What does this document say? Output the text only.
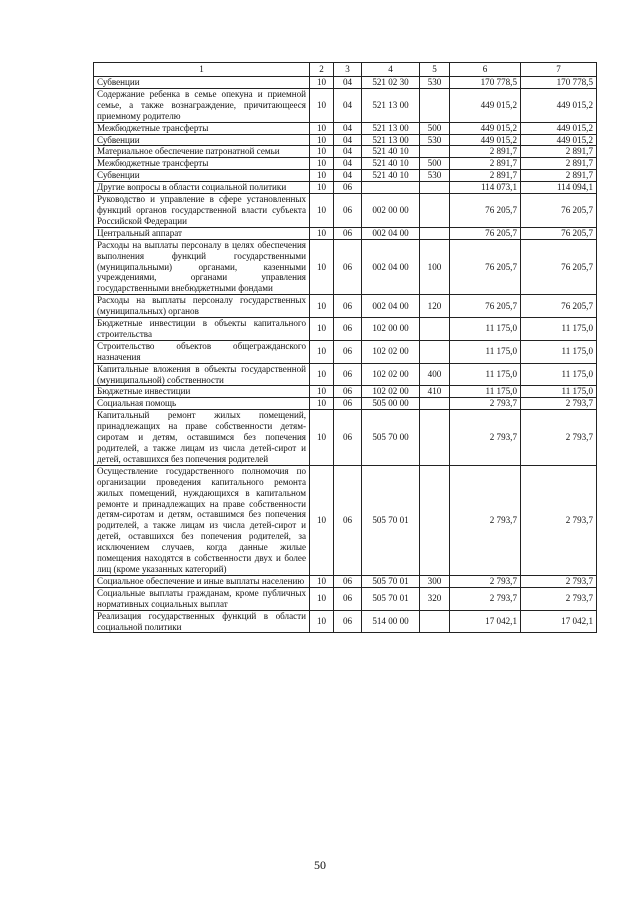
1	2	3	4	5	6	7
Субвенции	10	04	521 02 30	530	170 778,5	170 778,5
Содержание ребенка в семье опекуна и приемной семье, а также вознаграждение, причитающееся приемному родителю	10	04	521 13 00		449 015,2	449 015,2
Межбюджетные трансферты	10	04	521 13 00	500	449 015,2	449 015,2
Субвенции	10	04	521 13 00	530	449 015,2	449 015,2
Материальное обеспечение патронатной семьи	10	04	521 40 10		2 891,7	2 891,7
Межбюджетные трансферты	10	04	521 40 10	500	2 891,7	2 891,7
Субвенции	10	04	521 40 10	530	2 891,7	2 891,7
Другие вопросы в области социальной политики	10	06			114 073,1	114 094,1
Руководство и управление в сфере установленных функций органов государственной власти субъекта Российской Федерации	10	06	002 00 00		76 205,7	76 205,7
Центральный аппарат	10	06	002 04 00		76 205,7	76 205,7
Расходы на выплаты персоналу в целях обеспечения выполнения функций государственными (муниципальными) органами, казенными учреждениями, органами управления государственными внебюджетными фондами	10	06	002 04 00	100	76 205,7	76 205,7
Расходы на выплаты персоналу государственных (муниципальных) органов	10	06	002 04 00	120	76 205,7	76 205,7
Бюджетные инвестиции в объекты капитального строительства	10	06	102 00 00		11 175,0	11 175,0
Строительство объектов общегражданского назначения	10	06	102 02 00		11 175,0	11 175,0
Капитальные вложения в объекты государственной (муниципальной) собственности	10	06	102 02 00	400	11 175,0	11 175,0
Бюджетные инвестиции	10	06	102 02 00	410	11 175,0	11 175,0
Социальная помощь	10	06	505 00 00		2 793,7	2 793,7
Капитальный ремонт жилых помещений, принадлежащих на праве собственности детям-сиротам и детям, оставшимся без попечения родителей, а также лицам из числа детей-сирот и детей, оставшихся без попечения родителей	10	06	505 70 00		2 793,7	2 793,7
Осуществление государственного полномочия по организации проведения капитального ремонта жилых помещений, нуждающихся в капитальном ремонте и принадлежащих на праве собственности детям-сиротам и детям, оставшимся без попечения родителей, а также лицам из числа детей-сирот и детей, оставшихся без попечения родителей, за исключением случаев, когда данные жилые помещения находятся в собственности двух и более лиц (кроме указанных категорий)	10	06	505 70 01		2 793,7	2 793,7
Социальное обеспечение и иные выплаты населению	10	06	505 70 01	300	2 793,7	2 793,7
Социальные выплаты гражданам, кроме публичных нормативных социальных выплат	10	06	505 70 01	320	2 793,7	2 793,7
Реализация государственных функций в области социальной политики	10	06	514 00 00		17 042,1	17 042,1
50
